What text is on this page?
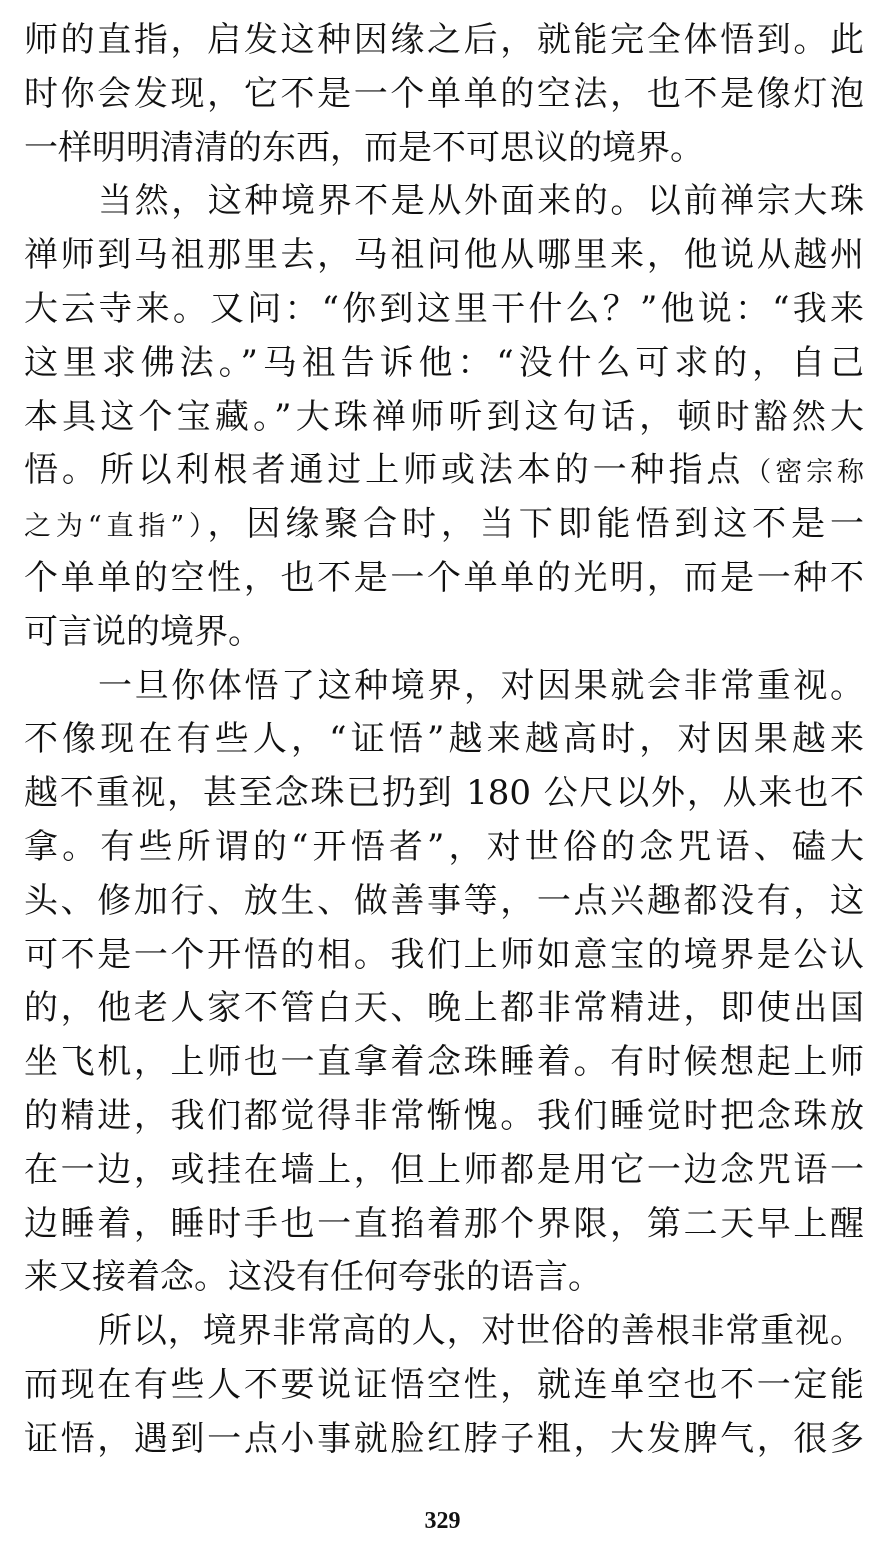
师的直指，启发这种因缘之后，就能完全体悟到。此
时你会发现，它不是一个单单的空法，也不是像灯泡
一样明明清清的东西，而是不可思议的境界。
当然，这种境界不是从外面来的。以前禅宗大珠
禅师到马祖那里去，马祖问他从哪里来，他说从越州
大云寺来。又问：“你到这里干什么？”他说：“我来
这里求佛法。”马祖告诉他：“没什么可求的，自己
本具这个宝藏。”大珠禅师听到这句话，顿时豁然大
悟。所以利根者通过上师或法本的一种指点（密宗称
之为“直指”），因缘聚合时，当下即能悟到这不是一
个单单的空性，也不是一个单单的光明，而是一种不
可言说的境界。
一旦你体悟了这种境界，对因果就会非常重视。
不像现在有些人，“证悟”越来越高时，对因果越来
越不重视，甚至念珠已扔到 180 公尺以外，从来也不
拿。有些所谓的“开悟者”，对世俗的念咒语、磕大
头、修加行、放生、做善事等，一点兴趣都没有，这
可不是一个开悟的相。我们上师如意宝的境界是公认
的，他老人家不管白天、晚上都非常精进，即使出国
坐飞机，上师也一直拿着念珠睡着。有时候想起上师
的精进，我们都觉得非常惭愧。我们睡觉时把念珠放
在一边，或挂在墙上，但上师都是用它一边念咒语一
边睡着，睡时手也一直掐着那个界限，第二天早上醒
来又接着念。这没有任何夸张的语言。
所以，境界非常高的人，对世俗的善根非常重视。
而现在有些人不要说证悟空性，就连单空也不一定能
证悟，遇到一点小事就脸红脖子粗，大发脾气，很多
329
